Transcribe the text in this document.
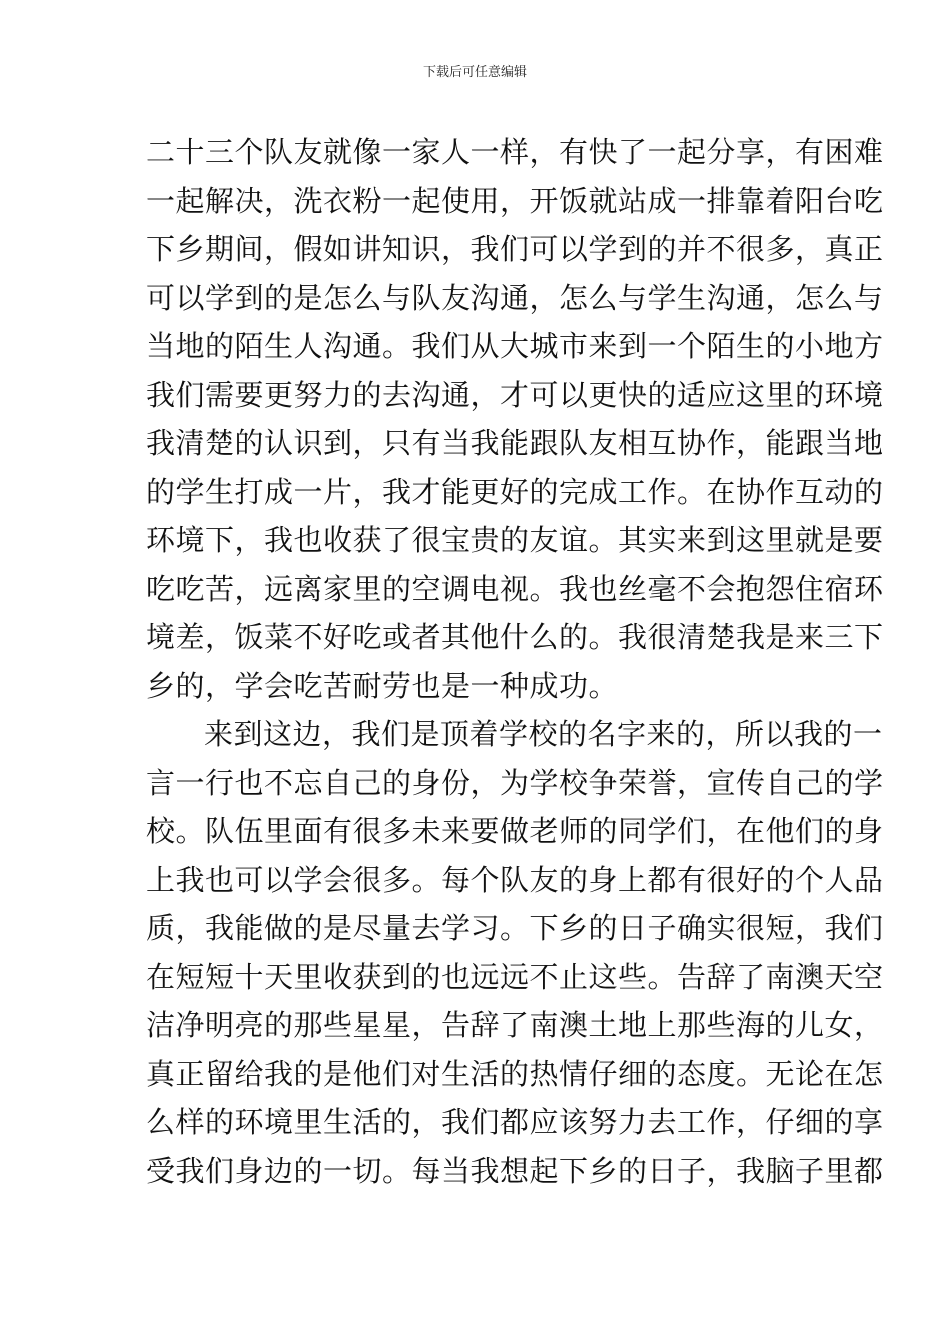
下载后可任意编辑
二十三个队友就像一家人一样，有快了一起分享，有困难
一起解决，洗衣粉一起使用，开饭就站成一排靠着阳台吃
下乡期间，假如讲知识，我们可以学到的并不很多，真正
可以学到的是怎么与队友沟通，怎么与学生沟通，怎么与
当地的陌生人沟通。我们从大城市来到一个陌生的小地方
我们需要更努力的去沟通，才可以更快的适应这里的环境
我清楚的认识到，只有当我能跟队友相互协作，能跟当地
的学生打成一片，我才能更好的完成工作。在协作互动的
环境下，我也收获了很宝贵的友谊。其实来到这里就是要
吃吃苦，远离家里的空调电视。我也丝毫不会抱怨住宿环
境差，饭菜不好吃或者其他什么的。我很清楚我是来三下
乡的，学会吃苦耐劳也是一种成功。
来到这边，我们是顶着学校的名字来的，所以我的一
言一行也不忘自己的身份，为学校争荣誉，宣传自己的学
校。队伍里面有很多未来要做老师的同学们，在他们的身
上我也可以学会很多。每个队友的身上都有很好的个人品
质，我能做的是尽量去学习。下乡的日子确实很短，我们
在短短十天里收获到的也远远不止这些。告辞了南澳天空
洁净明亮的那些星星，告辞了南澳土地上那些海的儿女，
真正留给我的是他们对生活的热情仔细的态度。无论在怎
么样的环境里生活的，我们都应该努力去工作，仔细的享
受我们身边的一切。每当我想起下乡的日子，我脑子里都
